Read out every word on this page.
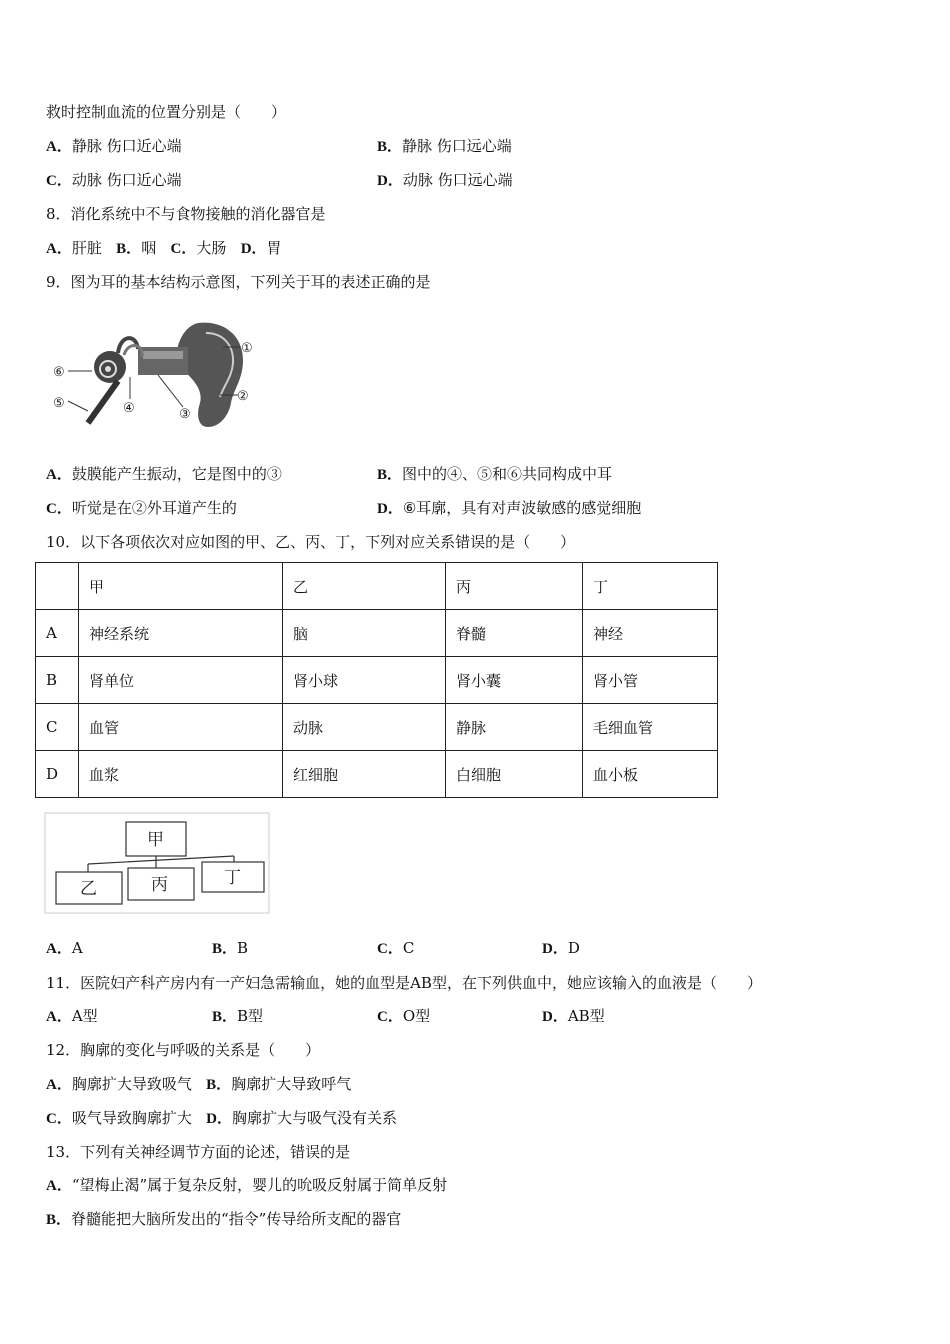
救时控制血流的位置分别是（　　）
A．静脉 伤口近心端	B．静脉 伤口远心端
C．动脉 伤口近心端	D．动脉 伤口远心端
8．消化系统中不与食物接触的消化器官是
A．肝脏 B．咽 C．大肠 D．胃
9．图为耳的基本结构示意图，下列关于耳的表述正确的是
①
②
③
④
⑤
⑥
A．鼓膜能产生振动，它是图中的③	B．图中的④、⑤和⑥共同构成中耳
C．听觉是在②外耳道产生的	D．⑥耳廓，具有对声波敏感的感觉细胞
10．以下各项依次对应如图的甲、乙、丙、丁，下列对应关系错误的是（　　）
	甲	乙	丙	丁
A	神经系统	脑	脊髓	神经
B	肾单位	肾小球	肾小囊	肾小管
C	血管	动脉	静脉	毛细血管
D	血浆	红细胞	白细胞	血小板
甲
乙	丙	丁
A．A	B．B	C．C	D．D
11．医院妇产科产房内有一产妇急需输血，她的血型是AB型，在下列供血中，她应该输入的血液是（　　）
A．A型	B．B型	C．O型	D．AB型
12．胸廓的变化与呼吸的关系是（　　）
A．胸廓扩大导致吸气 B．胸廓扩大导致呼气
C．吸气导致胸廓扩大 D．胸廓扩大与吸气没有关系
13．下列有关神经调节方面的论述，错误的是
A．“望梅止渴”属于复杂反射，婴儿的吮吸反射属于简单反射
B．脊髓能把大脑所发出的“指令”传导给所支配的器官
